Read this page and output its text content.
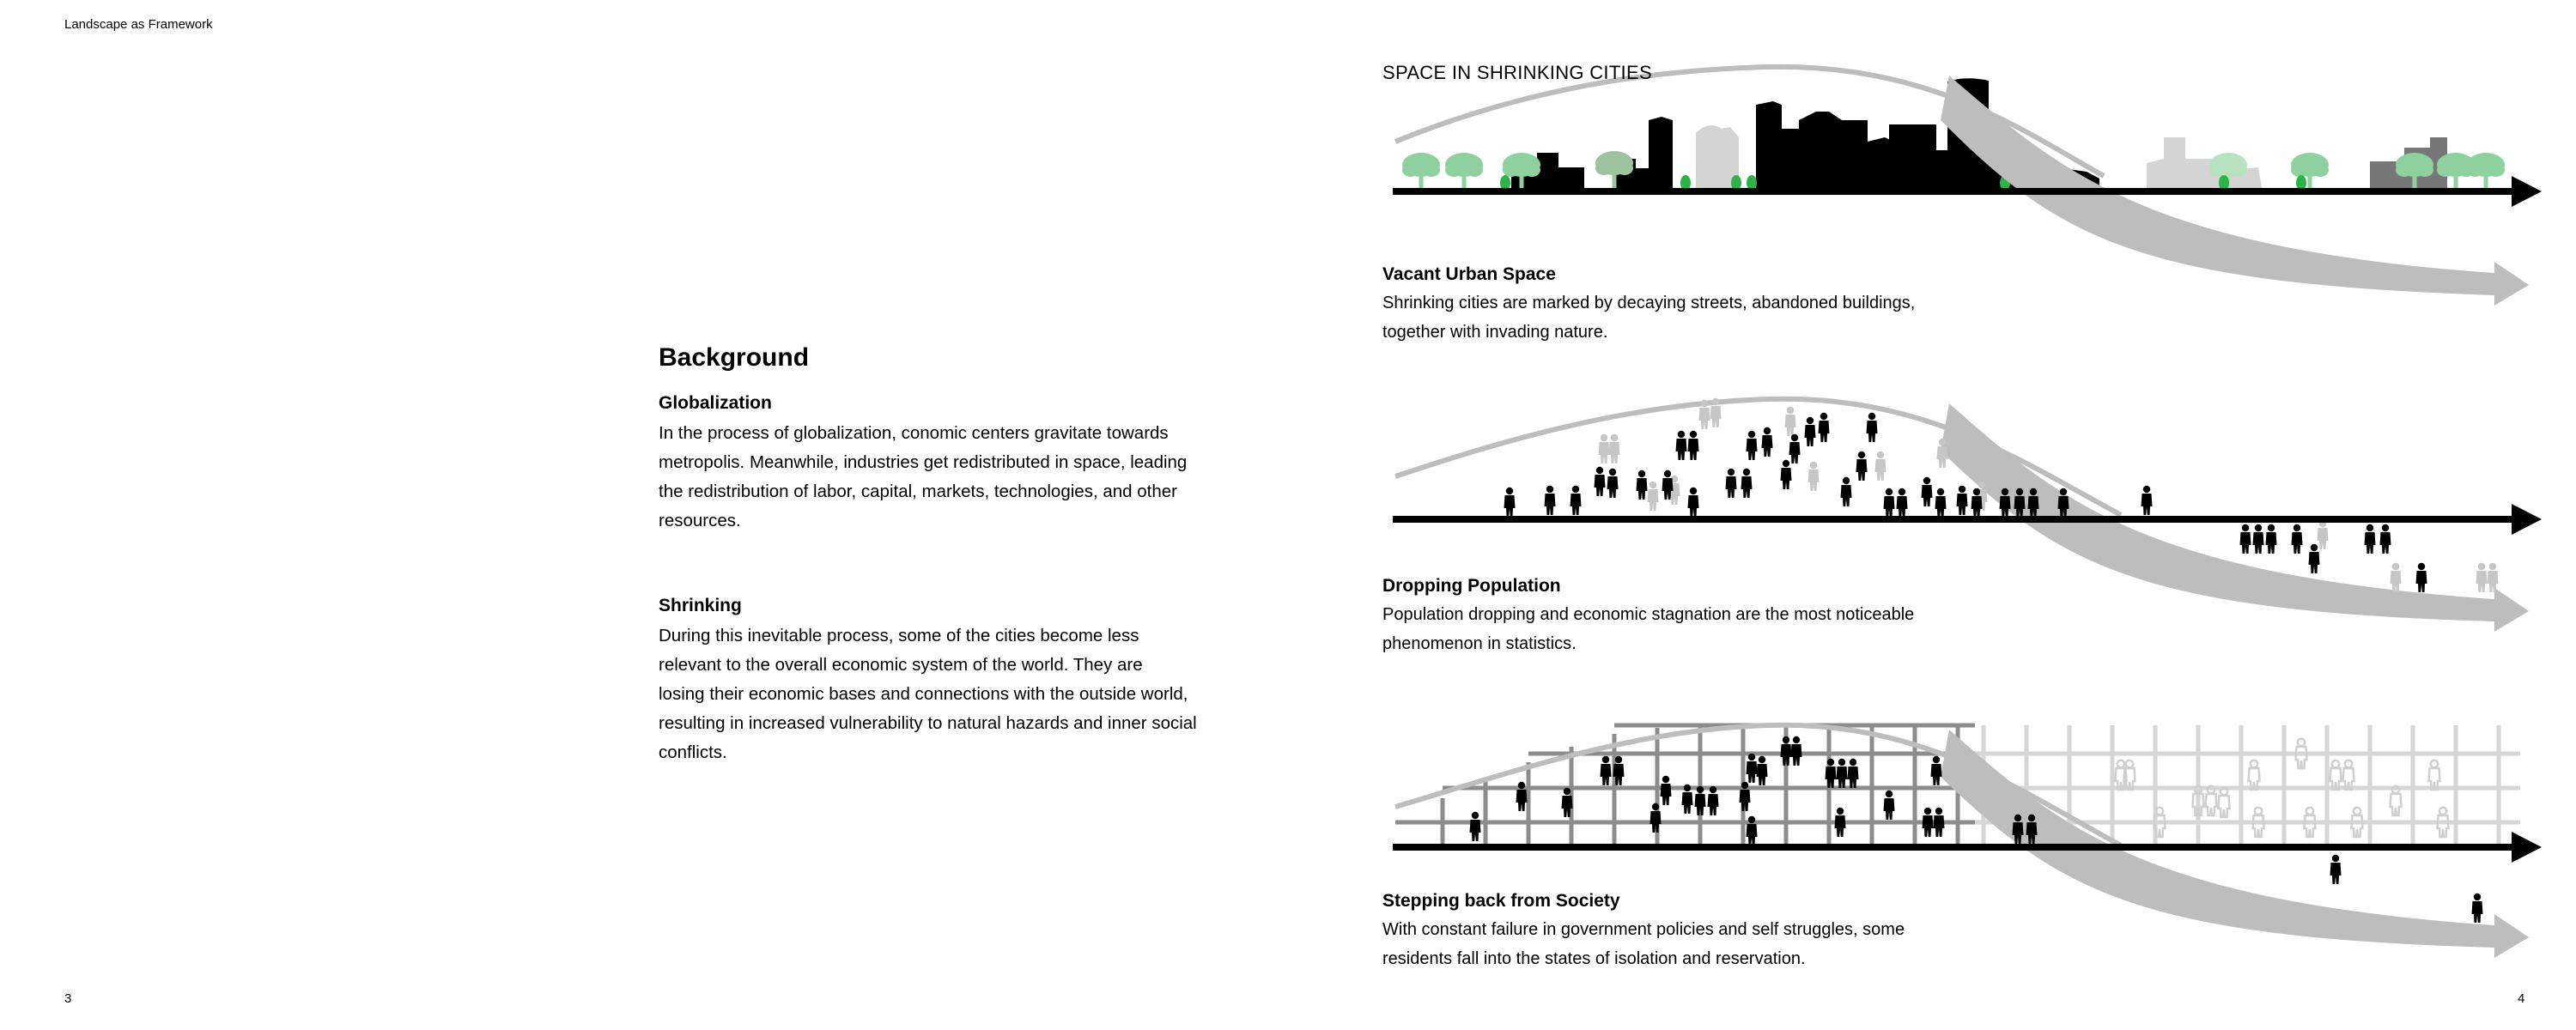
Landscape as Framework
Background
Globalization

In the process of globalization, conomic centers gravitate towards
metropolis. Meanwhile, industries get redistributed in space, leading
the redistribution of labor, capital, markets, technologies, and other
resources.

Shrinking

During this inevitable process, some of the cities become less
relevant to the overall economic system of the world. They are
losing their economic bases and connections with the outside world,
resulting in increased vulnerability to natural hazards and inner social
conflicts.

3	4
SPACE IN SHRINKING CITIES
Vacant Urban Space

Shrinking cities are marked by decaying streets, abandoned buildings,
together with invading nature.

Dropping Population

Population dropping and economic stagnation are the most noticeable
phenomenon in statistics.

Stepping back from Society

With constant failure in government policies and self struggles, some
residents fall into the states of isolation and reservation.
